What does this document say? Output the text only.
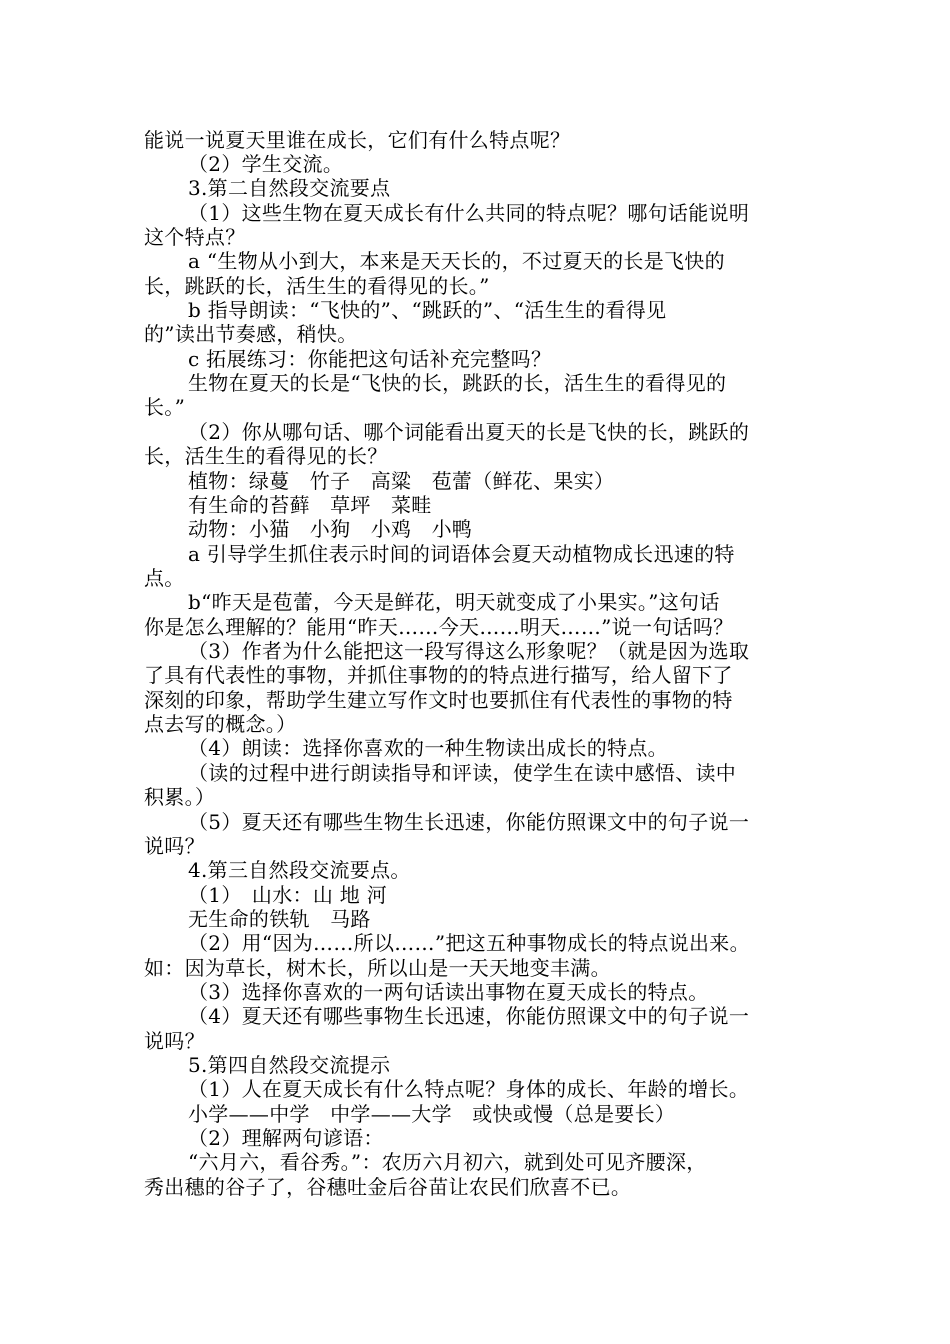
能说一说夏天里谁在成长，它们有什么特点呢？
（2）学生交流。
3.第二自然段交流要点
（1）这些生物在夏天成长有什么共同的特点呢？哪句话能说明
这个特点？
a “生物从小到大，本来是天天长的，不过夏天的长是飞快的
长，跳跃的长，活生生的看得见的长。”
b 指导朗读：“飞快的”、“跳跃的”、“活生生的看得见
的”读出节奏感，稍快。
c 拓展练习：你能把这句话补充完整吗？
生物在夏天的长是“飞快的长，跳跃的长，活生生的看得见的
长。”
（2）你从哪句话、哪个词能看出夏天的长是飞快的长，跳跃的
长，活生生的看得见的长？
植物：绿蔓　竹子　高粱　苞蕾（鲜花、果实）
有生命的苔藓　草坪　菜畦
动物：小猫　小狗　小鸡　小鸭
a 引导学生抓住表示时间的词语体会夏天动植物成长迅速的特
点。
b“昨天是苞蕾，今天是鲜花，明天就变成了小果实。”这句话
你是怎么理解的？能用“昨天……今天……明天……”说一句话吗？
（3）作者为什么能把这一段写得这么形象呢？（就是因为选取
了具有代表性的事物，并抓住事物的的特点进行描写，给人留下了
深刻的印象，帮助学生建立写作文时也要抓住有代表性的事物的特
点去写的概念。）
（4）朗读：选择你喜欢的一种生物读出成长的特点。
（读的过程中进行朗读指导和评读，使学生在读中感悟、读中
积累。）
（5）夏天还有哪些生物生长迅速，你能仿照课文中的句子说一
说吗？
4.第三自然段交流要点。
（1）　山水：山 地 河
无生命的铁轨　马路
（2）用“因为……所以……”把这五种事物成长的特点说出来。
如：因为草长，树木长，所以山是一天天地变丰满。
（3）选择你喜欢的一两句话读出事物在夏天成长的特点。
（4）夏天还有哪些事物生长迅速，你能仿照课文中的句子说一
说吗？
5.第四自然段交流提示
（1）人在夏天成长有什么特点呢？身体的成长、年龄的增长。
小学——中学　中学——大学　或快或慢（总是要长）
（2）理解两句谚语：
“六月六，看谷秀。”：农历六月初六，就到处可见齐腰深，
秀出穗的谷子了，谷穗吐金后谷苗让农民们欣喜不已。
